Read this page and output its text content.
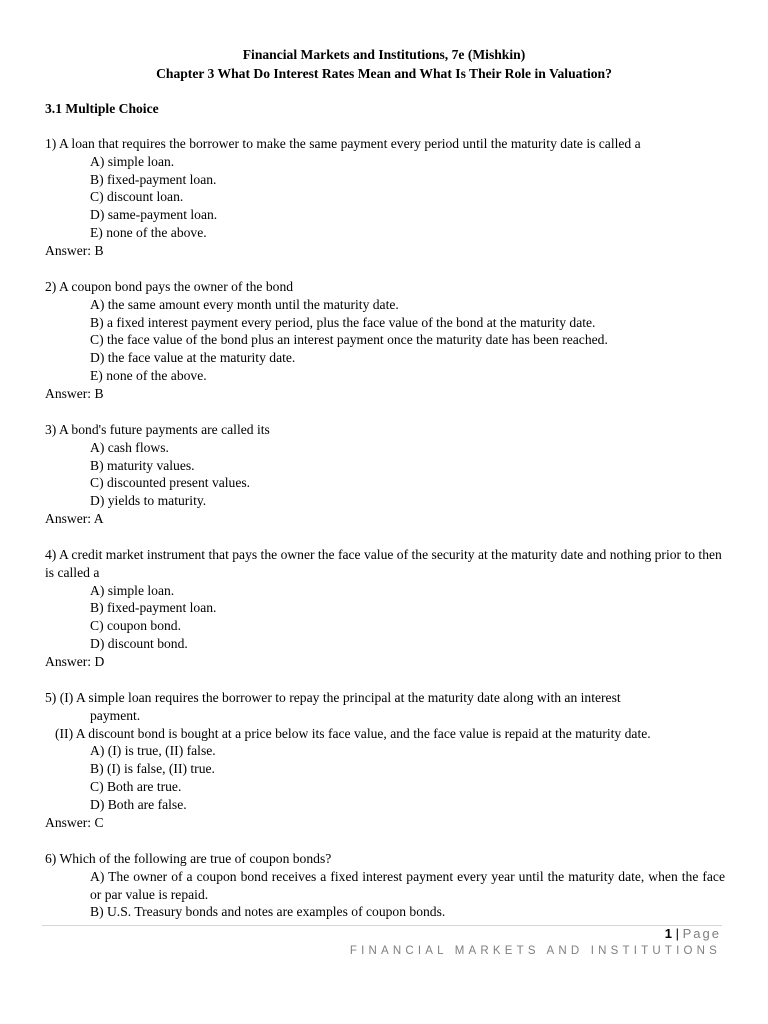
Financial Markets and Institutions, 7e (Mishkin)
Chapter 3 What Do Interest Rates Mean and What Is Their Role in Valuation?
3.1 Multiple Choice
1) A loan that requires the borrower to make the same payment every period until the maturity date is called a
A) simple loan.
B) fixed-payment loan.
C) discount loan.
D) same-payment loan.
E) none of the above.
Answer: B
2) A coupon bond pays the owner of the bond
A) the same amount every month until the maturity date.
B) a fixed interest payment every period, plus the face value of the bond at the maturity date.
C) the face value of the bond plus an interest payment once the maturity date has been reached.
D) the face value at the maturity date.
E) none of the above.
Answer: B
3) A bond's future payments are called its
A) cash flows.
B) maturity values.
C) discounted present values.
D) yields to maturity.
Answer: A
4) A credit market instrument that pays the owner the face value of the security at the maturity date and nothing prior to then is called a
A) simple loan.
B) fixed-payment loan.
C) coupon bond.
D) discount bond.
Answer: D
5) (I) A simple loan requires the borrower to repay the principal at the maturity date along with an interest
payment.
(II) A discount bond is bought at a price below its face value, and the face value is repaid at the maturity date.
A) (I) is true, (II) false.
B) (I) is false, (II) true.
C) Both are true.
D) Both are false.
Answer: C
6) Which of the following are true of coupon bonds?
A) The owner of a coupon bond receives a fixed interest payment every year until the maturity date, when the face or par value is repaid.
B) U.S. Treasury bonds and notes are examples of coupon bonds.
1 | Page
FINANCIAL MARKETS AND INSTITUTIONS
